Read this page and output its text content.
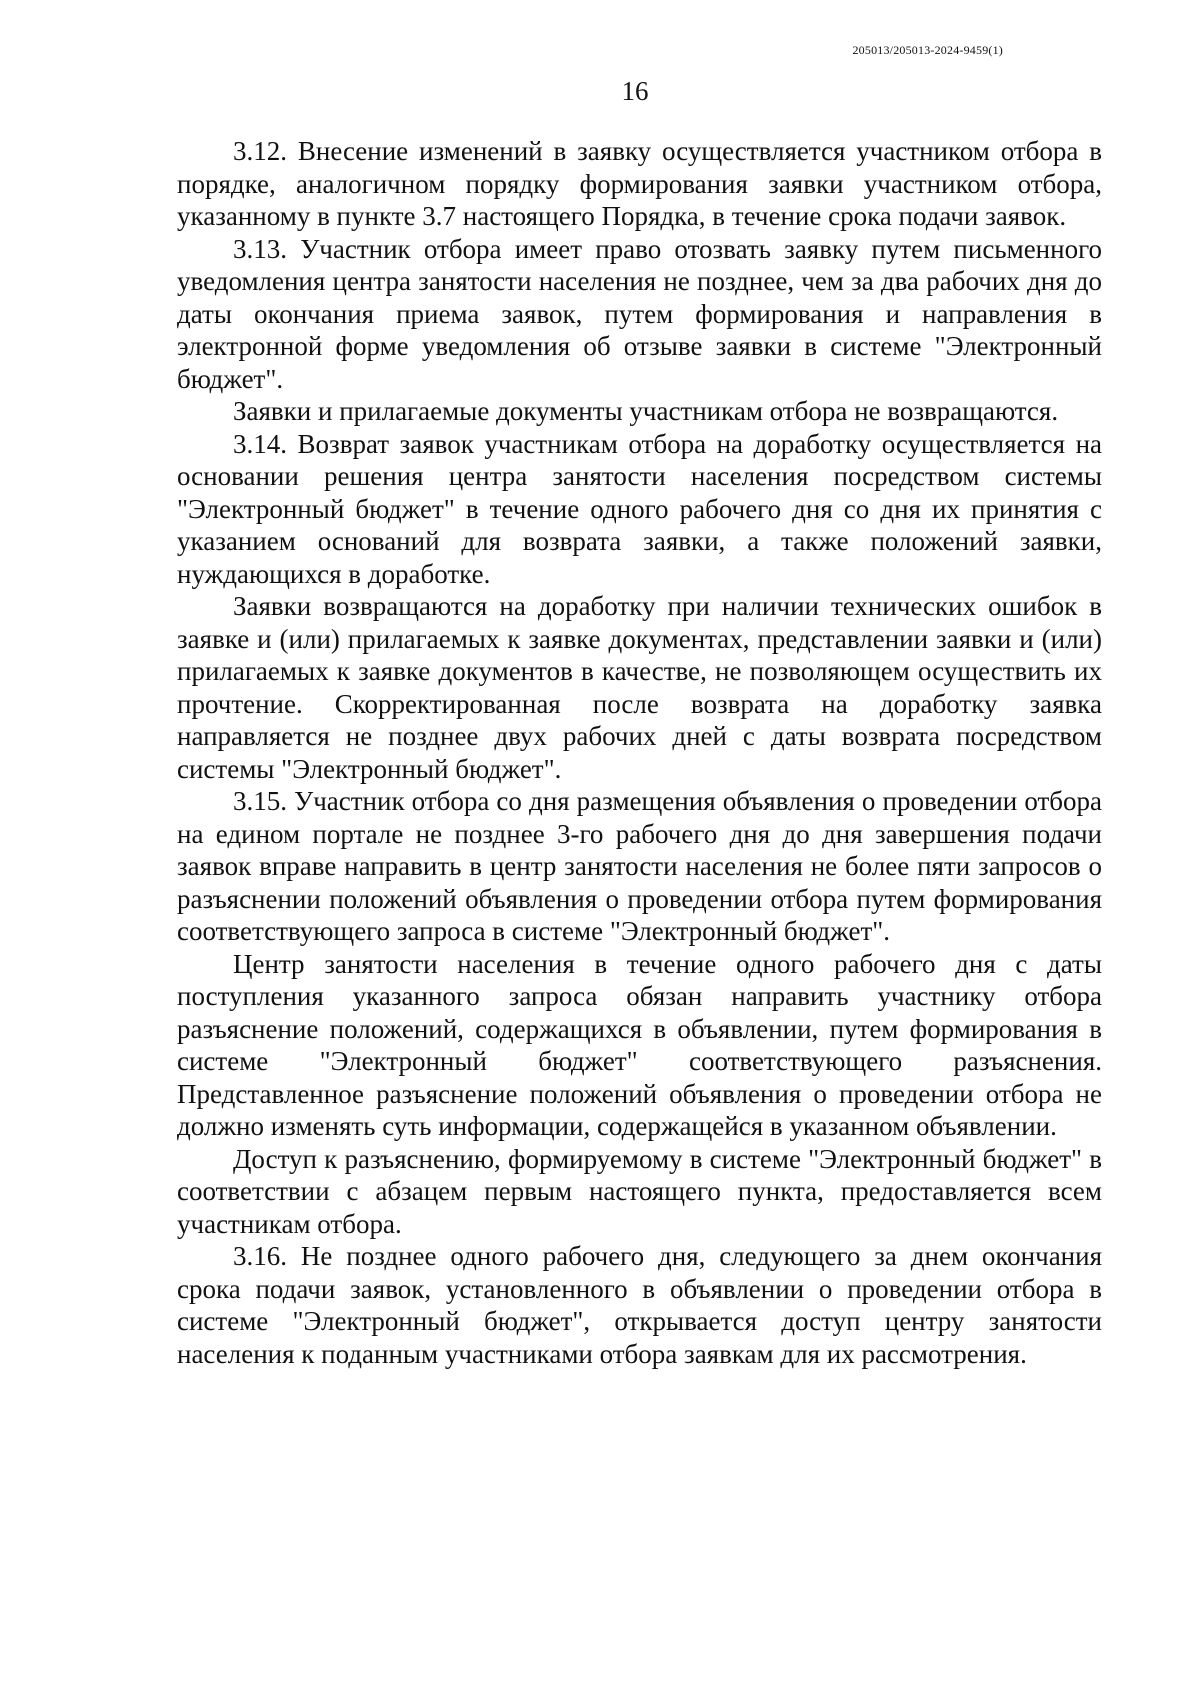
205013/205013-2024-9459(1)
16

3.12. Внесение изменений в заявку осуществляется участником отбора в порядке, аналогичном порядку формирования заявки участником отбора, указанному в пункте 3.7 настоящего Порядка, в течение срока подачи заявок.

3.13. Участник отбора имеет право отозвать заявку путем письменного уведомления центра занятости населения не позднее, чем за два рабочих дня до даты окончания приема заявок, путем формирования и направления в электронной форме уведомления об отзыве заявки в системе "Электронный бюджет".

Заявки и прилагаемые документы участникам отбора не возвращаются.

3.14. Возврат заявок участникам отбора на доработку осуществляется на основании решения центра занятости населения посредством системы "Электронный бюджет" в течение одного рабочего дня со дня их принятия с указанием оснований для возврата заявки, а также положений заявки, нуждающихся в доработке.

Заявки возвращаются на доработку при наличии технических ошибок в заявке и (или) прилагаемых к заявке документах, представлении заявки и (или) прилагаемых к заявке документов в качестве, не позволяющем осуществить их прочтение. Скорректированная после возврата на доработку заявка направляется не позднее двух рабочих дней с даты возврата посредством системы "Электронный бюджет".

3.15. Участник отбора со дня размещения объявления о проведении отбора на едином портале не позднее 3-го рабочего дня до дня завершения подачи заявок вправе направить в центр занятости населения не более пяти запросов о разъяснении положений объявления о проведении отбора путем формирования соответствующего запроса в системе "Электронный бюджет".

Центр занятости населения в течение одного рабочего дня с даты поступления указанного запроса обязан направить участнику отбора разъяснение положений, содержащихся в объявлении, путем формирования в системе "Электронный бюджет" соответствующего разъяснения. Представленное разъяснение положений объявления о проведении отбора не должно изменять суть информации, содержащейся в указанном объявлении.

Доступ к разъяснению, формируемому в системе "Электронный бюджет" в соответствии с абзацем первым настоящего пункта, предоставляется всем участникам отбора.

3.16. Не позднее одного рабочего дня, следующего за днем окончания срока подачи заявок, установленного в объявлении о проведении отбора в системе "Электронный бюджет", открывается доступ центру занятости населения к поданным участниками отбора заявкам для их рассмотрения.
